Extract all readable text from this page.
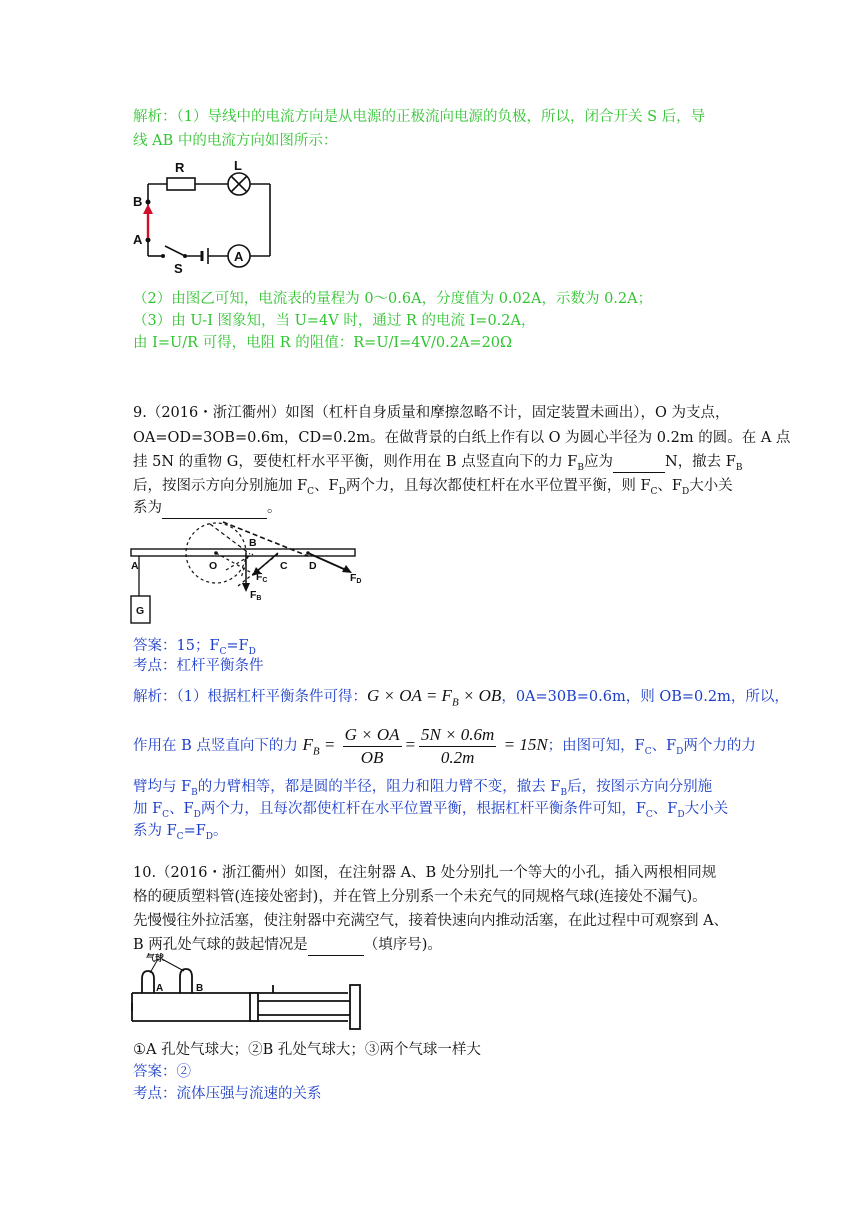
解析：（1）导线中的电流方向是从电源的正极流向电源的负极，所以，闭合开关 S 后，导
线 AB 中的电流方向如图所示：
R	L
A
B
A
S
（2）由图乙可知，电流表的量程为 0～0.6A，分度值为 0.02A，示数为 0.2A；
（3）由 U-I 图象知，当 U=4V 时，通过 R 的电流 I=0.2A，
由 I=U/R 可得，电阻 R 的阻值：R=U/I=4V/0.2A=20Ω
9.（2016・浙江衢州）如图（杠杆自身质量和摩擦忽略不计，固定装置未画出），O 为支点，
OA=OD=3OB=0.6m，CD=0.2m。在做背景的白纸上作有以 O 为圆心半径为 0.2m 的圆。在 A 点
挂 5N 的重物 G，要使杠杆水平平衡，则作用在 B 点竖直向下的力 $F_B$应为	N，撤去 $F_B$
后，按图示方向分别施加 $F_C$、$F_D$两个力，且每次都使杠杆在水平位置平衡，则 $F_C$、$F_D$大小关
系为	。
A	O
B
C D
G
FC
FB
FD
答案：15；$F_C=F_D$
考点：杠杆平衡条件
解析：（1）根据杠杆平衡条件可得：G × OA = $F_B$ × OB，0A=30B=0.6m，则 OB=0.2m，所以，
作用在 B 点竖直向下的力 $F_B = \frac{G \times OA}{OB} = \frac{5N \times 0.6m}{0.2m} = 15N$；由图可知，$F_C$、$F_D$两个力的力
臂均与 $F_B$的力臂相等，都是圆的半径，阻力和阻力臂不变，撤去 $F_B$后，按图示方向分别施
加 $F_C$、$F_D$两个力，且每次都使杠杆在水平位置平衡，根据杠杆平衡条件可知，$F_C$、$F_D$大小关
系为 $F_C=F_D$。
10.（2016・浙江衢州）如图，在注射器 A、B 处分别扎一个等大的小孔，插入两根相同规
格的硬质塑料管(连接处密封)，并在管上分别系一个未充气的同规格气球(连接处不漏气)。
先慢慢往外拉活塞，使注射器中充满空气，接着快速向内推动活塞，在此过程中可观察到 A、
B 两孔处气球的鼓起情况是	（填序号)。
气球
A	B
①A 孔处气球大；②B 孔处气球大；③两个气球一样大
答案：②
考点：流体压强与流速的关系
